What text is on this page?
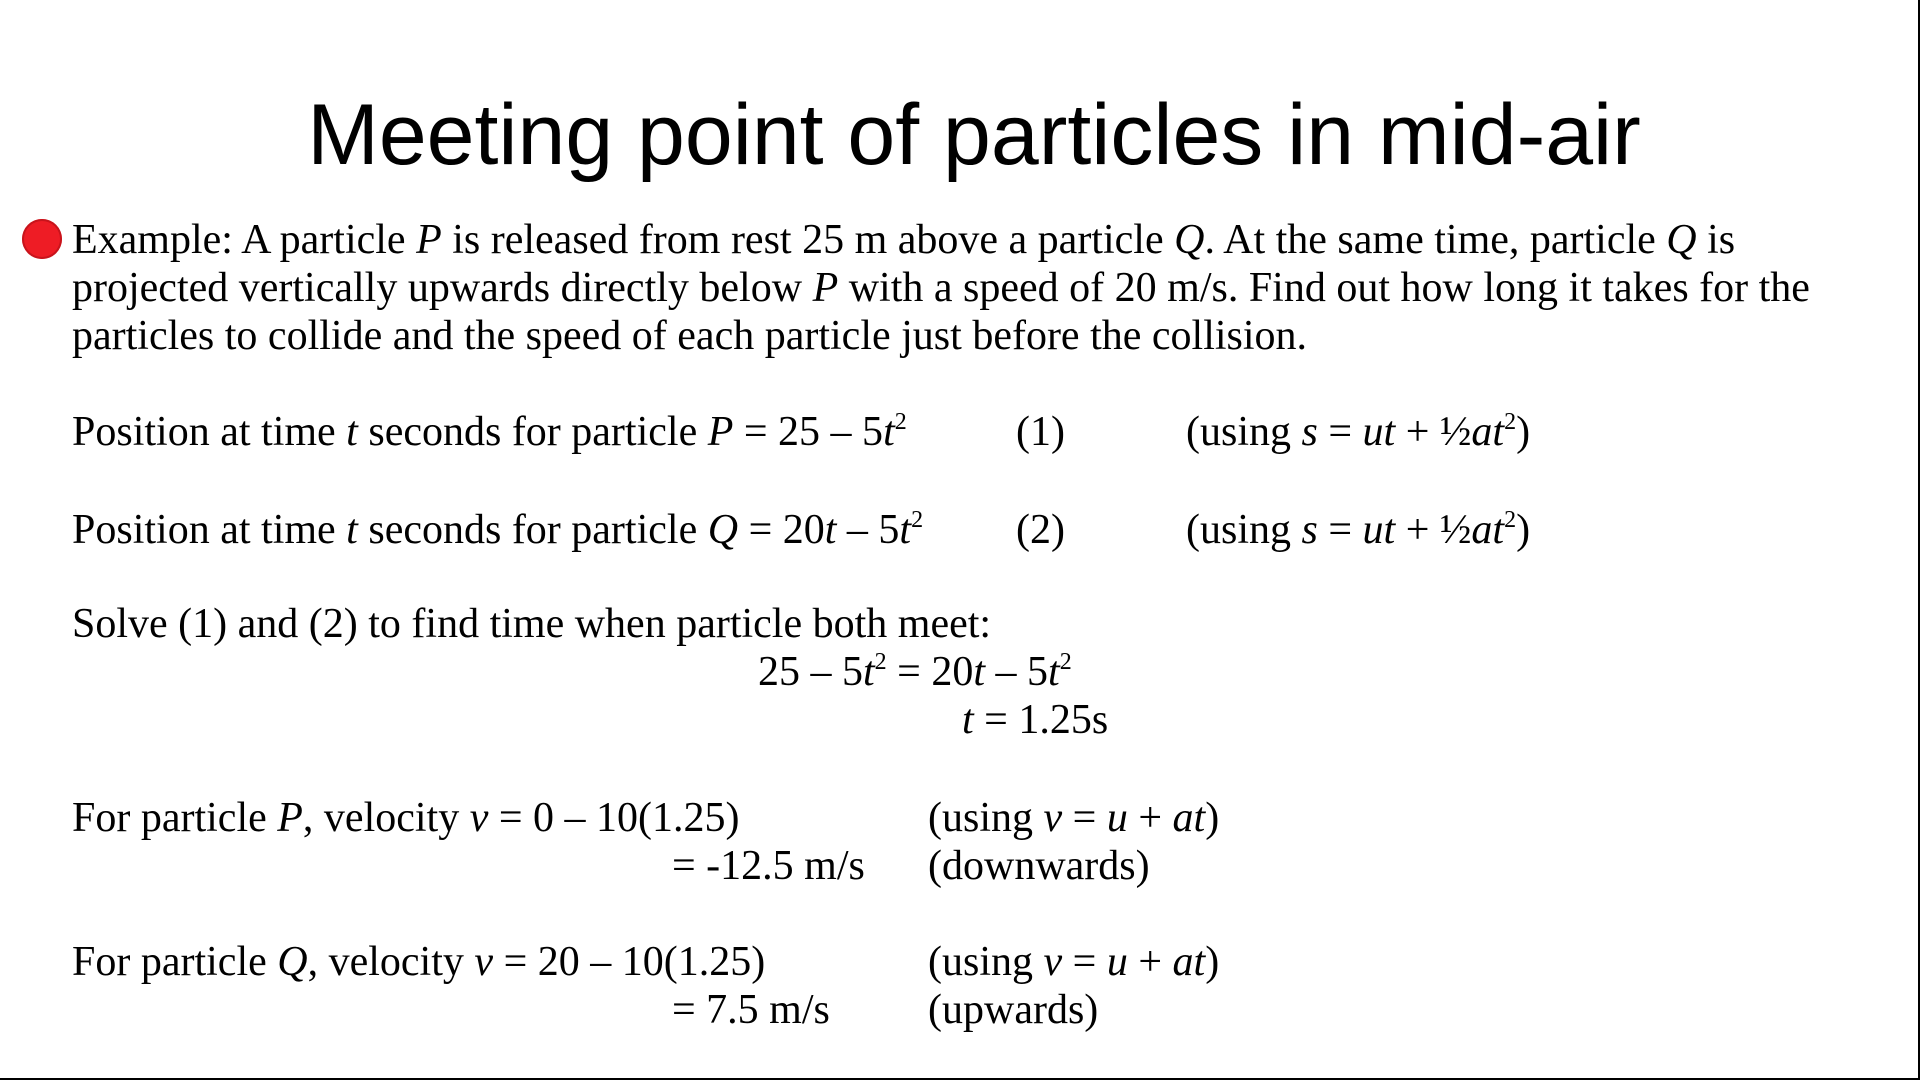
Meeting point of particles in mid-air
Example: A particle P is released from rest 25 m above a particle Q. At the same time, particle Q is
projected vertically upwards directly below P with a speed of 20 m/s. Find out how long it takes for the
particles to collide and the speed of each particle just before the collision.
Position at time t seconds for particle $P = 25 - 5t^2$	(1)	(using s = ut + $\frac{1}{2}at^2$)
Position at time t seconds for particle $Q = 20t - 5t^2$ (2)	(using s = ut + $\frac{1}{2}at^2$)
Solve (1) and (2) to find time when particle both meet:
$25 - 5t^2 = 20t - 5t^2$
t = 1.25s
For particle P, velocity v = 0 – 10(1.25)	(using v = u + at)
= -12.5 m/s (downwards)
For particle Q, velocity v = 20 – 10(1.25)	(using v = u + at)
= 7.5 m/s (upwards)
